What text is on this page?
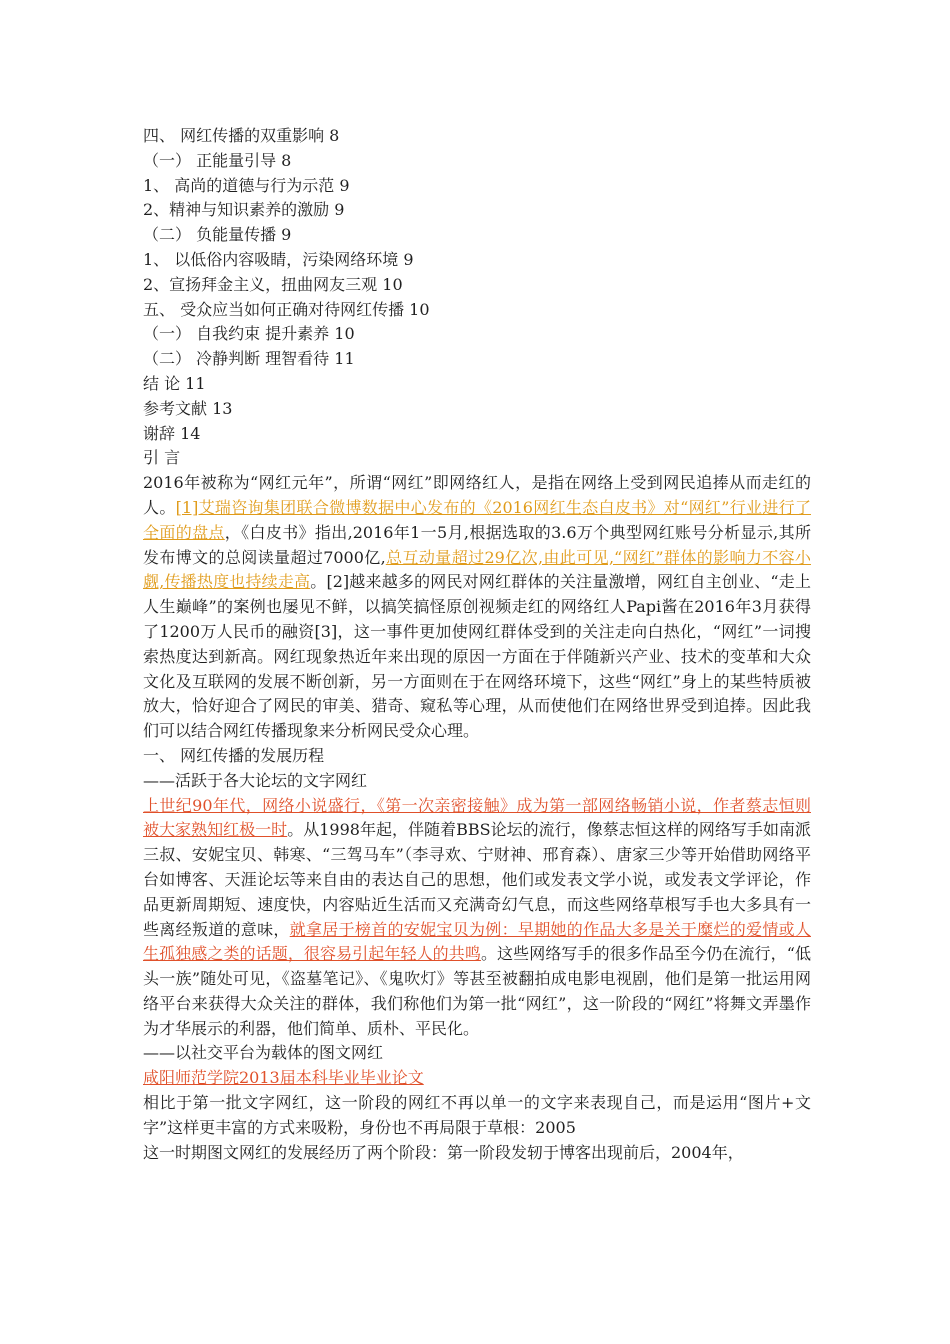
四、 网红传播的双重影响 8
（一） 正能量引导 8
1、 高尚的道德与行为示范 9
2、精神与知识素养的激励 9
（二） 负能量传播 9
1、 以低俗内容吸睛，污染网络环境 9
2、宣扬拜金主义，扭曲网友三观 10
五、 受众应当如何正确对待网红传播 10
（一） 自我约束 提升素养 10
（二） 冷静判断 理智看待 11
结 论 11
参考文献 13
谢辞 14
引 言
2016年被称为“网红元年”，所谓“网红”即网络红人，是指在网络上受到网民追捧从而走红的人。[1]艾瑞咨询集团联合微博数据中心发布的《2016网红生态白皮书》对“网红”行业进行了全面的盘点，《白皮书》指出,2016年1一5月,根据选取的3.6万个典型网红账号分析显示,其所发布博文的总阅读量超过7000亿,总互动量超过29亿次,由此可见,“网红”群体的影响力不容小觑,传播热度也持续走高。[2]越来越多的网民对网红群体的关注量激增，网红自主创业、“走上人生巅峰”的案例也屡见不鲜，以搞笑搞怪原创视频走红的网络红人Papi酱在2016年3月获得了1200万人民币的融资[3]，这一事件更加使网红群体受到的关注走向白热化，“网红”一词搜索热度达到新高。网红现象热近年来出现的原因一方面在于伴随新兴产业、技术的变革和大众文化及互联网的发展不断创新，另一方面则在于在网络环境下，这些“网红”身上的某些特质被放大，恰好迎合了网民的审美、猎奇、窥私等心理，从而使他们在网络世界受到追捧。因此我们可以结合网红传播现象来分析网民受众心理。
一、 网红传播的发展历程
——活跃于各大论坛的文字网红
上世纪90年代，网络小说盛行，《第一次亲密接触》成为第一部网络畅销小说，作者蔡志恒则被大家熟知红极一时。从1998年起，伴随着BBS论坛的流行，像蔡志恒这样的网络写手如南派三叔、安妮宝贝、韩寒、“三驾马车”（李寻欢、宁财神、邢育森）、唐家三少等开始借助网络平台如博客、天涯论坛等来自由的表达自己的思想，他们或发表文学小说，或发表文学评论，作品更新周期短、速度快，内容贴近生活而又充满奇幻气息，而这些网络草根写手也大多具有一些离经叛道的意味，就拿居于榜首的安妮宝贝为例：早期她的作品大多是关于糜烂的爱情或人生孤独感之类的话题，很容易引起年轻人的共鸣。这些网络写手的很多作品至今仍在流行，“低头一族”随处可见，《盗墓笔记》、《鬼吹灯》等甚至被翻拍成电影电视剧，他们是第一批运用网络平台来获得大众关注的群体，我们称他们为第一批“网红”，这一阶段的“网红”将舞文弄墨作为才华展示的利器，他们简单、质朴、平民化。
——以社交平台为载体的图文网红
咸阳师范学院2013届本科毕业毕业论文
相比于第一批文字网红，这一阶段的网红不再以单一的文字来表现自己，而是运用“图片+文字”这样更丰富的方式来吸粉，身份也不再局限于草根：2005
这一时期图文网红的发展经历了两个阶段：第一阶段发轫于博客出现前后，2004年，
